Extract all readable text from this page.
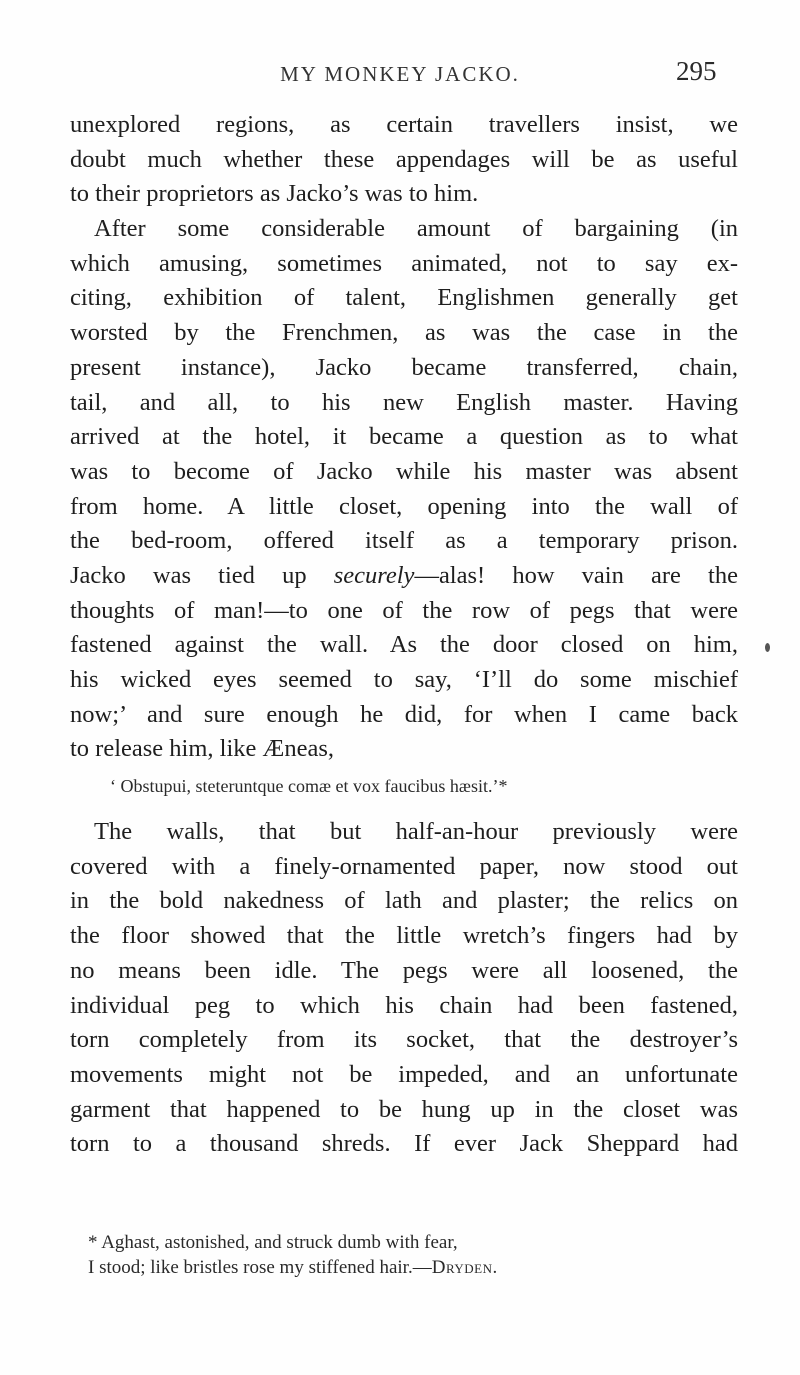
MY MONKEY JACKO.	295
unexplored regions, as certain travellers insist, we
doubt much whether these appendages will be as useful
to their proprietors as Jacko’s was to him.
After some considerable amount of bargaining (in
which amusing, sometimes animated, not to say ex-
citing, exhibition of talent, Englishmen generally get
worsted by the Frenchmen, as was the case in the
present instance), Jacko became transferred, chain,
tail, and all, to his new English master. Having
arrived at the hotel, it became a question as to what
was to become of Jacko while his master was absent
from home. A little closet, opening into the wall of
the bed-room, offered itself as a temporary prison.
Jacko was tied up securely—alas! how vain are the
thoughts of man!—to one of the row of pegs that were
fastened against the wall. As the door closed on him,
his wicked eyes seemed to say, ‘I’ll do some mischief
now;’ and sure enough he did, for when I came back
to release him, like Æneas,
‘ Obstupui, steteruntque comæ et vox faucibus hæsit.’*
The walls, that but half-an-hour previously were
covered with a finely-ornamented paper, now stood out
in the bold nakedness of lath and plaster; the relics on
the floor showed that the little wretch’s fingers had by
no means been idle. The pegs were all loosened, the
individual peg to which his chain had been fastened,
torn completely from its socket, that the destroyer’s
movements might not be impeded, and an unfortunate
garment that happened to be hung up in the closet was
torn to a thousand shreds. If ever Jack Sheppard had
* Aghast, astonished, and struck dumb with fear,
I stood; like bristles rose my stiffened hair.—Dryden.
